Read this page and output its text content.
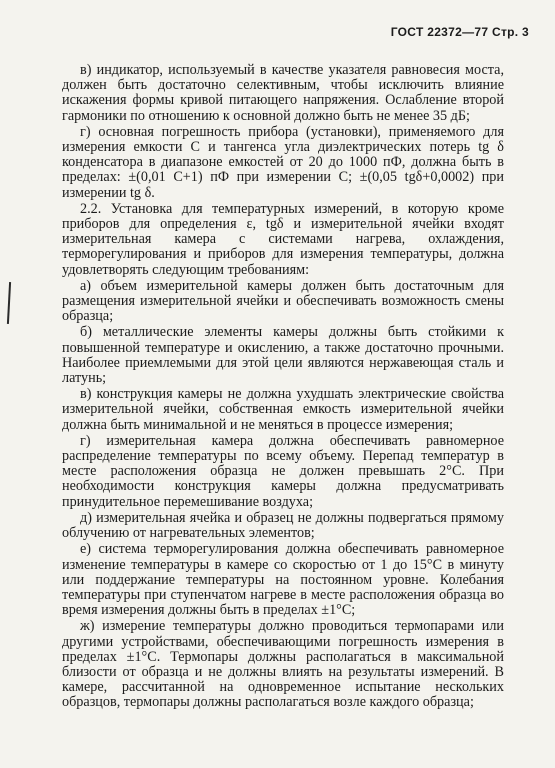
ГОСТ 22372—77 Стр. 3

в) индикатор, используемый в качестве указателя равновесия моста, должен быть достаточно селективным, чтобы исключить влияние искажения формы кривой питающего напряжения. Ослабление второй гармоники по отношению к основной должно быть не менее 35 дБ;

г) основная погрешность прибора (установки), применяемого для измерения емкости C и тангенса угла диэлектрических потерь tg δ конденсатора в диапазоне емкостей от 20 до 1000 пФ, должна быть в пределах: ±(0,01 C+1) пФ при измерении C; ±(0,05 tgδ+0,0002) при измерении tg δ.

2.2. Установка для температурных измерений, в которую кроме приборов для определения ε, tgδ и измерительной ячейки входят измерительная камера с системами нагрева, охлаждения, терморегулирования и приборов для измерения температуры, должна удовлетворять следующим требованиям:

а) объем измерительной камеры должен быть достаточным для размещения измерительной ячейки и обеспечивать возможность смены образца;

б) металлические элементы камеры должны быть стойкими к повышенной температуре и окислению, а также достаточно прочными. Наиболее приемлемыми для этой цели являются нержавеющая сталь и латунь;

в) конструкция камеры не должна ухудшать электрические свойства измерительной ячейки, собственная емкость измерительной ячейки должна быть минимальной и не меняться в процессе измерения;

г) измерительная камера должна обеспечивать равномерное распределение температуры по всему объему. Перепад температур в месте расположения образца не должен превышать 2°C. При необходимости конструкция камеры должна предусматривать принудительное перемешивание воздуха;

д) измерительная ячейка и образец не должны подвергаться прямому облучению от нагревательных элементов;

е) система терморегулирования должна обеспечивать равномерное изменение температуры в камере со скоростью от 1 до 15°C в минуту или поддержание температуры на постоянном уровне. Колебания температуры при ступенчатом нагреве в месте расположения образца во время измерения должны быть в пределах ±1°C;

ж) измерение температуры должно проводиться термопарами или другими устройствами, обеспечивающими погрешность измерения в пределах ±1°C. Термопары должны располагаться в максимальной близости от образца и не должны влиять на результаты измерений. В камере, рассчитанной на одновременное испытание нескольких образцов, термопары должны располагаться возле каждого образца;
